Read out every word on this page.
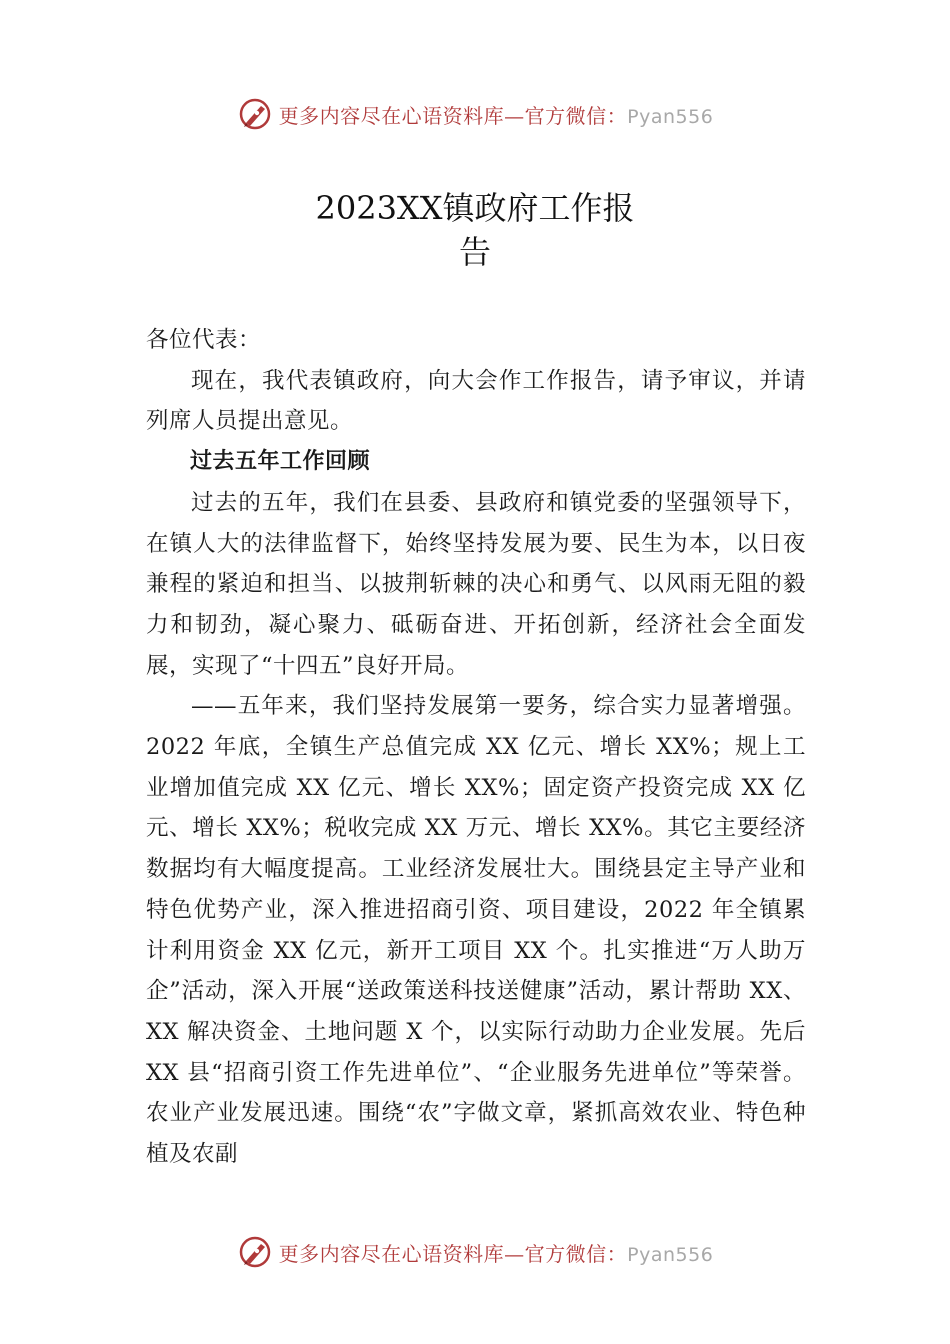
更多内容尽在心语资料库—官方微信：Pyan556
2023XX镇政府工作报
告

各位代表：

现在，我代表镇政府，向大会作工作报告，请予审议，并请列席人员提出意见。

过去五年工作回顾

过去的五年，我们在县委、县政府和镇党委的坚强领导下，在镇人大的法律监督下，始终坚持发展为要、民生为本，以日夜兼程的紧迫和担当、以披荆斩棘的决心和勇气、以风雨无阻的毅力和韧劲，凝心聚力、砥砺奋进、开拓创新，经济社会全面发展，实现了“十四五”良好开局。

——五年来，我们坚持发展第一要务，综合实力显著增强。2022 年底，全镇生产总值完成 XX 亿元、增长 XX%；规上工业增加值完成 XX 亿元、增长 XX%；固定资产投资完成 XX 亿元、增长 XX%；税收完成 XX 万元、增长 XX%。其它主要经济数据均有大幅度提高。工业经济发展壮大。围绕县定主导产业和特色优势产业，深入推进招商引资、项目建设，2022 年全镇累计利用资金 XX 亿元，新开工项目 XX 个。扎实推进“万人助万企”活动，深入开展“送政策送科技送健康”活动，累计帮助 XX、XX 解决资金、土地问题 X 个，以实际行动助力企业发展。先后 XX 县“招商引资工作先进单位”、“企业服务先进单位”等荣誉。农业产业发展迅速。围绕“农”字做文章，紧抓高效农业、特色种植及农副

更多内容尽在心语资料库—官方微信：Pyan556
